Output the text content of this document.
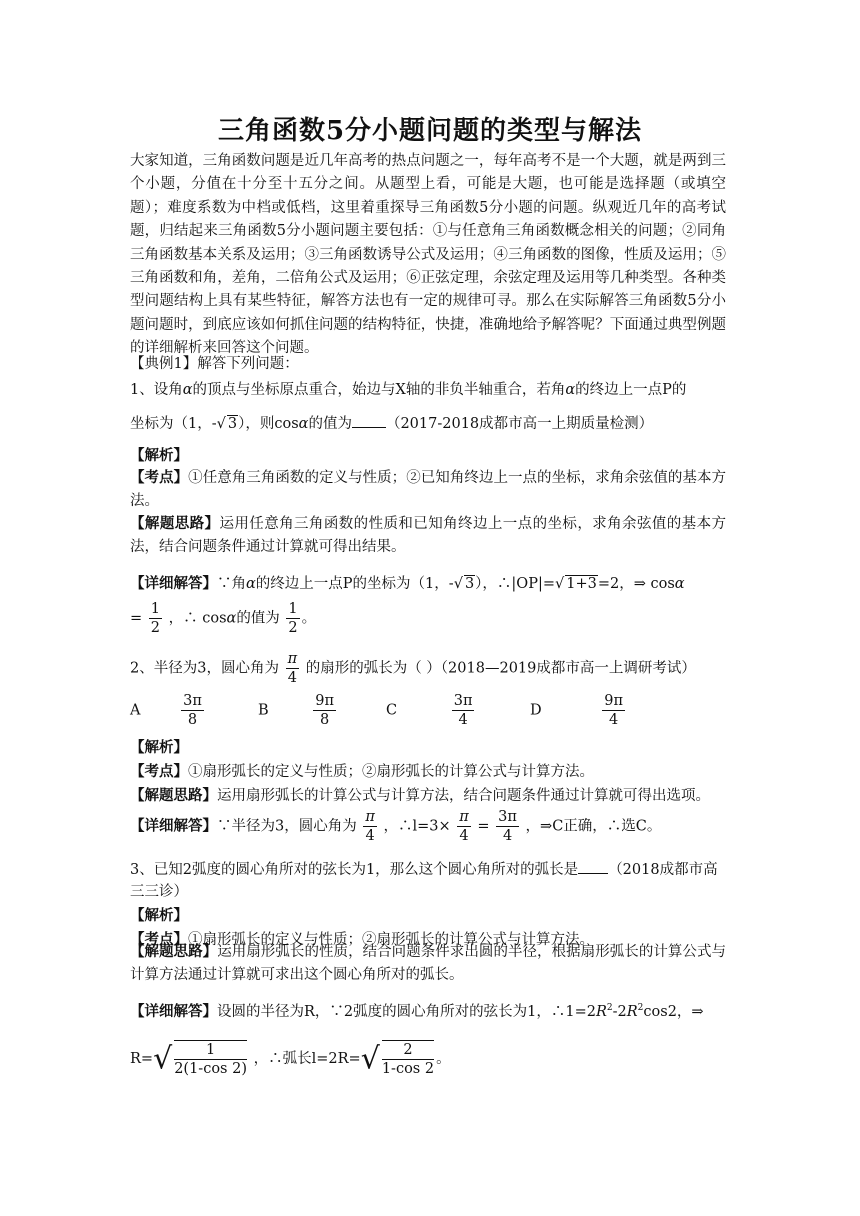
三角函数5分小题问题的类型与解法
大家知道，三角函数问题是近几年高考的热点问题之一，每年高考不是一个大题，就是两到三个小题，分值在十分至十五分之间。从题型上看，可能是大题，也可能是选择题（或填空题）；难度系数为中档或低档，这里着重探导三角函数5分小题的问题。纵观近几年的高考试题，归结起来三角函数5分小题问题主要包括：①与任意角三角函数概念相关的问题；②同角三角函数基本关系及运用；③三角函数诱导公式及运用；④三角函数的图像，性质及运用；⑤三角函数和角，差角，二倍角公式及运用；⑥正弦定理，余弦定理及运用等几种类型。各种类型问题结构上具有某些特征，解答方法也有一定的规律可寻。那么在实际解答三角函数5分小题问题时，到底应该如何抓住问题的结构特征，快捷，准确地给予解答呢？下面通过典型例题的详细解析来回答这个问题。
【典例1】解答下列问题：
1、设角α的顶点与坐标原点重合，始边与X轴的非负半轴重合，若角α的终边上一点P的
坐标为（1，-√ 3），则cosα的值为 （2017-2018成都市高一上期质量检测）
【解析】
【考点】①任意角三角函数的定义与性质；②已知角终边上一点的坐标，求角余弦值的基本方法。
【解题思路】运用任意角三角函数的性质和已知角终边上一点的坐标，求角余弦值的基本方法，结合问题条件通过计算就可得出结果。
【详细解答】∵角α的终边上一点P的坐标为（1，-√ 3），∴|OP|=√ 1+3=2，⇒ cosα
= $\frac{1}{2}$ ，∴ cosα的值为 $\frac{1}{2}$ 。
2、半径为3，圆心角为 $\frac{\pi}{4}$ 的扇形的弧长为（ ）（2018—2019成都市高一上调研考试）
A	$\frac{3\pi}{8}$	B	$\frac{9\pi}{8}$	C	$\frac{3\pi}{4}$	D	$\frac{9\pi}{4}$
【解析】
【考点】①扇形弧长的定义与性质；②扇形弧长的计算公式与计算方法。
【解题思路】运用扇形弧长的计算公式与计算方法，结合问题条件通过计算就可得出选项。
【详细解答】∵半径为3，圆心角为 $\frac{\pi}{4}$ ，∴l=3× $\frac{\pi}{4} = \frac{3\pi}{4}$ ，⇒C正确，∴选C。
3、已知2弧度的圆心角所对的弦长为1，那么这个圆心角所对的弧长是 （2018成都市高
三三诊）
【解析】
【考点】①扇形弧长的定义与性质；②扇形弧长的计算公式与计算方法。
【解题思路】运用扇形弧长的性质，结合问题条件求出圆的半径，根据扇形弧长的计算公式与计算方法通过计算就可求出这个圆心角所对的弧长。
【详细解答】设圆的半径为R，∵2弧度的圆心角所对的弦长为1，$\therefore 1=2R^2-2R^2\cos 2$，⇒
$R=√ \frac{1}{2(1-\cos 2)}$ ，∴弧长$l=2R=√ \frac{2}{1-\cos 2}$ 。
